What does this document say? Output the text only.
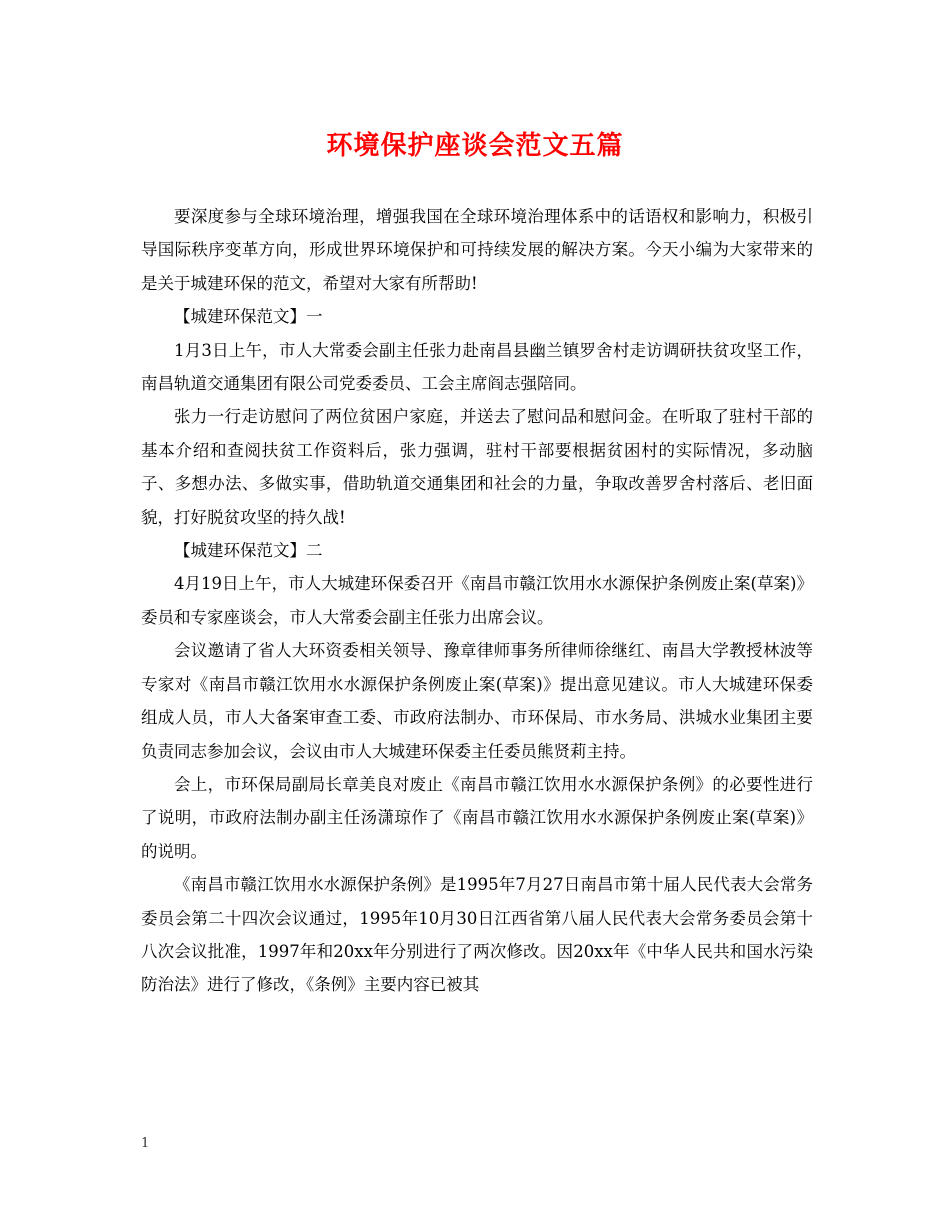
环境保护座谈会范文五篇

要深度参与全球环境治理，增强我国在全球环境治理体系中的话语权和影响力，积极引导国际秩序变革方向，形成世界环境保护和可持续发展的解决方案。今天小编为大家带来的是关于城建环保的范文，希望对大家有所帮助!

【城建环保范文】一

1月3日上午，市人大常委会副主任张力赴南昌县幽兰镇罗舍村走访调研扶贫攻坚工作，南昌轨道交通集团有限公司党委委员、工会主席阎志强陪同。

张力一行走访慰问了两位贫困户家庭，并送去了慰问品和慰问金。在听取了驻村干部的基本介绍和查阅扶贫工作资料后，张力强调，驻村干部要根据贫困村的实际情况，多动脑子、多想办法、多做实事，借助轨道交通集团和社会的力量，争取改善罗舍村落后、老旧面貌，打好脱贫攻坚的持久战!

【城建环保范文】二

4月19日上午，市人大城建环保委召开《南昌市赣江饮用水水源保护条例废止案(草案)》委员和专家座谈会，市人大常委会副主任张力出席会议。

会议邀请了省人大环资委相关领导、豫章律师事务所律师徐继红、南昌大学教授林波等专家对《南昌市赣江饮用水水源保护条例废止案(草案)》提出意见建议。市人大城建环保委组成人员，市人大备案审查工委、市政府法制办、市环保局、市水务局、洪城水业集团主要负责同志参加会议，会议由市人大城建环保委主任委员熊贤莉主持。

会上，市环保局副局长章美良对废止《南昌市赣江饮用水水源保护条例》的必要性进行了说明，市政府法制办副主任汤潇琼作了《南昌市赣江饮用水水源保护条例废止案(草案)》的说明。

《南昌市赣江饮用水水源保护条例》是1995年7月27日南昌市第十届人民代表大会常务委员会第二十四次会议通过，1995年10月30日江西省第八届人民代表大会常务委员会第十八次会议批准，1997年和20xx年分别进行了两次修改。因20xx年《中华人民共和国水污染防治法》进行了修改，《条例》主要内容已被其

1
